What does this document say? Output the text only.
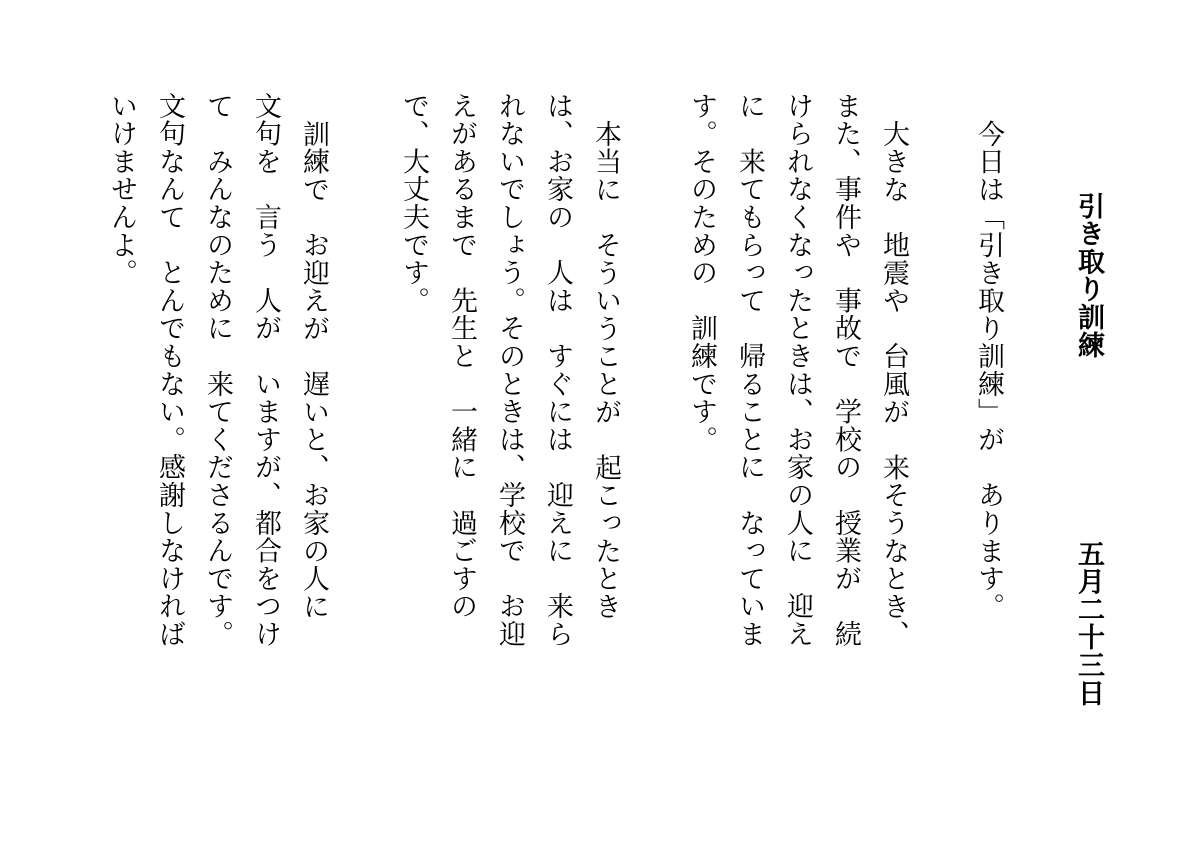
引き取り訓練
五月二十三日
今日は「引き取り訓練」が　あります。
大きな　地震や　台風が　来そうなとき、
また、事件や　事故で　学校の　授業が　続
けられなくなったときは、お家の人に　迎え
に　来てもらって　帰ることに　なっていま
す。そのための　訓練です。
本当に　そういうことが　起こったとき
は、お家の　人は　すぐには　迎えに　来ら
れないでしょう。そのときは、学校で　お迎
えがあるまで　先生と　一緒に　過ごすの
で、大丈夫です。
訓練で　お迎えが　遅いと、お家の人に
文句を　言う　人が　いますが、都合をつけ
て　みんなのために　来てくださるんです。
文句なんて　とんでもない。感謝しなければ
いけませんよ。
